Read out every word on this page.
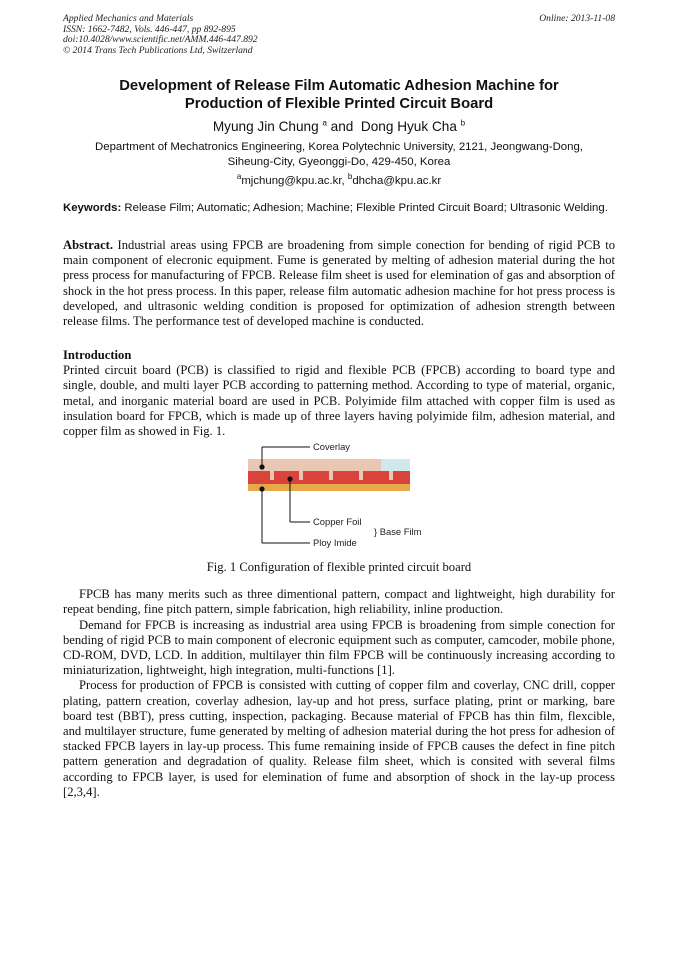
Applied Mechanics and Materials	Online: 2013-11-08
ISSN: 1662-7482, Vols. 446-447, pp 892-895
doi:10.4028/www.scientific.net/AMM.446-447.892
© 2014 Trans Tech Publications Ltd, Switzerland
Development of Release Film Automatic Adhesion Machine for
Production of Flexible Printed Circuit Board
Myung Jin Chung $^a$ and Dong Hyuk Cha $^b$
Department of Mechatronics Engineering, Korea Polytechnic University, 2121, Jeongwang-Dong,
Siheung-City, Gyeonggi-Do, 429-450, Korea
$^a$mjchung@kpu.ac.kr, $^b$dhcha@kpu.ac.kr
Keywords: Release Film; Automatic; Adhesion; Machine; Flexible Printed Circuit Board; Ultrasonic Welding.
Abstract. Industrial areas using FPCB are broadening from simple conection for bending of rigid PCB to main component of elecronic equipment. Fume is generated by melting of adhesion material during the hot press process for manufacturing of FPCB. Release film sheet is used for elemination of gas and absorption of shock in the hot press process. In this paper, release film automatic adhesion machine for hot press process is developed, and ultrasonic welding condition is proposed for optimization of adhesion strength between release films. The performance test of developed machine is conducted.
Introduction

Printed circuit board (PCB) is classified to rigid and flexible PCB (FPCB) according to board type and single, double, and multi layer PCB according to patterning method. According to type of material, organic, metal, and inorganic material board are used in PCB. Polyimide film attached with copper film is used as insulation board for FPCB, which is made up of three layers having polyimide film, adhesion material, and copper film as showed in Fig. 1.

Coverlay
Copper Foil
} Base Film
Ploy Imide
Fig. 1 Configuration of flexible printed circuit board

FPCB has many merits such as three dimentional pattern, compact and lightweight, high durability for repeat bending, fine pitch pattern, simple fabrication, high reliability, inline production.

Demand for FPCB is increasing as industrial area using FPCB is broadening from simple conection for bending of rigid PCB to main component of elecronic equipment such as computer, camcoder, mobile phone, CD-ROM, DVD, LCD. In addition, multilayer thin film FPCB will be continuously increasing according to miniaturization, lightweight, high integration, multi-functions [1].

Process for production of FPCB is consisted with cutting of copper film and coverlay, CNC drill, copper plating, pattern creation, coverlay adhesion, lay-up and hot press, surface plating, print or marking, bare board test (BBT), press cutting, inspection, packaging. Because material of FPCB has thin film, flexcible, and multilayer structure, fume generated by melting of adhesion material during the hot press for adhesion of stacked FPCB layers in lay-up process. This fume remaining inside of FPCB causes the defect in fine pitch pattern generation and degradation of quality. Release film sheet, which is consited with several films according to FPCB layer, is used for elemination of fume and absorption of shock in the lay-up process [2,3,4].
